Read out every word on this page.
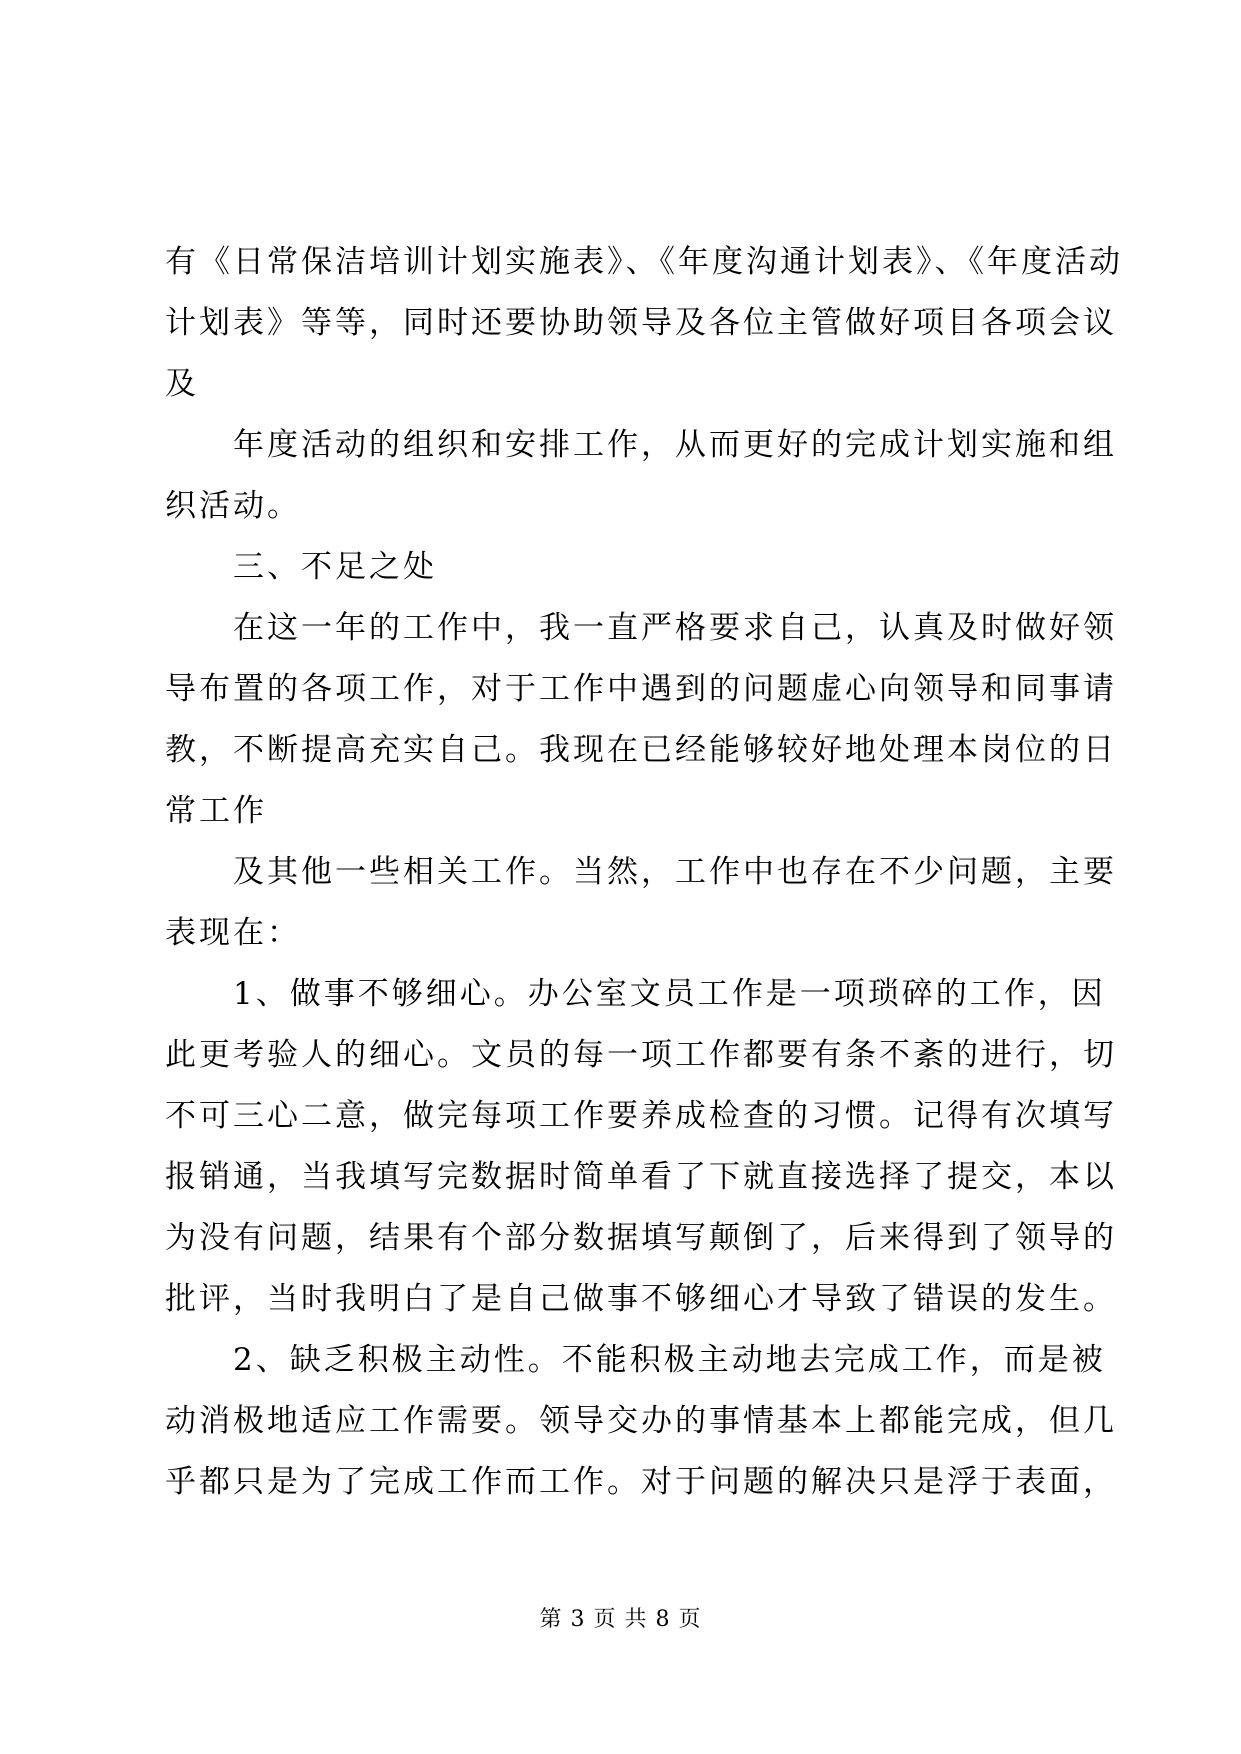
有《日常保洁培训计划实施表》、《年度沟通计划表》、《年度活动
计划表》等等，同时还要协助领导及各位主管做好项目各项会议
及
　　年度活动的组织和安排工作，从而更好的完成计划实施和组
织活动。
　　三、不足之处
　　在这一年的工作中，我一直严格要求自己，认真及时做好领
导布置的各项工作，对于工作中遇到的问题虚心向领导和同事请
教，不断提高充实自己。我现在已经能够较好地处理本岗位的日
常工作
　　及其他一些相关工作。当然，工作中也存在不少问题，主要
表现在：
　　1、做事不够细心。办公室文员工作是一项琐碎的工作，因
此更考验人的细心。文员的每一项工作都要有条不紊的进行，切
不可三心二意，做完每项工作要养成检查的习惯。记得有次填写
报销通，当我填写完数据时简单看了下就直接选择了提交，本以
为没有问题，结果有个部分数据填写颠倒了，后来得到了领导的
批评，当时我明白了是自己做事不够细心才导致了错误的发生。
　　2、缺乏积极主动性。不能积极主动地去完成工作，而是被
动消极地适应工作需要。领导交办的事情基本上都能完成，但几
乎都只是为了完成工作而工作。对于问题的解决只是浮于表面，
第 3 页 共 8 页
